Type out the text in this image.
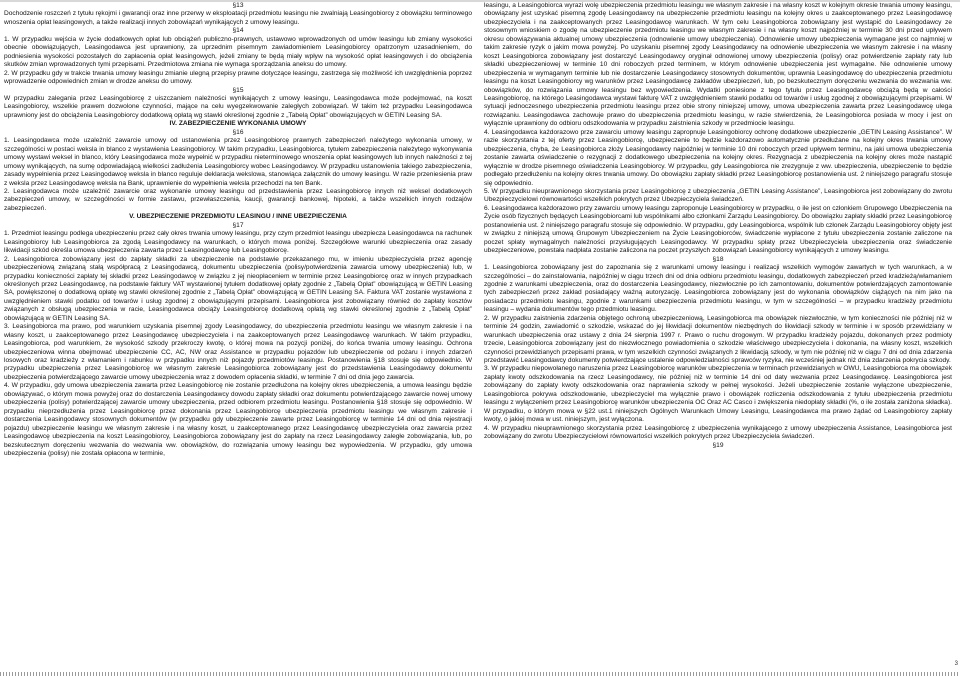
§13

Dochodzenie roszczeń z tytułu rękojmi i gwarancji oraz inne przerwy w eksploatacji przedmiotu leasingu nie zwalniają Leasingobiorcy z obowiązku terminowego wnoszenia opłat leasingowych, a także realizacji innych zobowiązań wynikających z umowy leasingu.

§14

1. W przypadku wejścia w życie dodatkowych opłat lub obciążeń publiczno-prawnych, ustawowo wprowadzonych od umów leasingu lub zmiany wysokości obecnie obowiązujących, Leasingodawca jest uprawniony, za uprzednim pisemnym zawiadomieniem Leasingobiorcy opatrzonym uzasadnieniem, do podniesienia wysokości pozostałych do zapłacenia opłat leasingowych, jeżeli zmiany te będą miały wpływ na wysokość opłat leasingowych i do obciążenia skutków zmian wprowadzonych tymi przepisami. Przedmiotowa zmiana nie wymaga sporządzania aneksu do umowy.

2. W przypadku gdy w trakcie trwania umowy leasingu zmianie ulegną przepisy prawne dotyczące leasingu, zastrzega się możliwość ich uwzględnienia poprzez wprowadzenie odpowiednich zmian w drodze aneksu do umowy.

§15

W przypadku zalegania przez Leasingobiorcę z uiszczaniem należności wynikających z umowy leasingu, Leasingodawca może podejmować, na koszt Leasingobiorcy, wszelkie prawem dozwolone czynności, mające na celu wyegzekwowanie zaległych zobowiązań. W takim też przypadku Leasingodawca uprawniony jest do obciążenia Leasingobiorcy dodatkową opłatą wg stawki określonej zgodnie z „Tabelą Opłat” obowiązujących w GETIN Leasing SA.

IV. ZABEZPIECZENIE WYKONANIA UMOWY

§16

1. Leasingodawca może uzależnić zawarcie umowy od ustanowienia przez Leasingobiorcę prawnych zabezpieczeń należytego wykonania umowy, w szczególności w postaci weksla in blanco z wystawienia Leasingobiorcy. W takim przypadku, Leasingobiorca, tytułem zabezpieczenia należytego wykonywania umowy wystawi weksel in blanco, który Leasingodawca może wypełnić w przypadku nieterminowego wnoszenia opłat leasingowych lub innych należności z tej umowy wynikających, na sumę odpowiadającą wielkości zadłużenia Leasingobiorcy wobec Leasingodawcy. W przypadku ustanowienia takiego zabezpieczenia, zasady wypełnienia przez Leasingodawcę weksla in blanco reguluje deklaracja wekslowa, stanowiąca załącznik do umowy leasingu. W razie przeniesienia praw z weksla przez Leasingodawcę weksla na Bank, uprawnienie do wypełnienia weksla przechodzi na ten Bank.

2. Leasingodawca może uzależnić zawarcie oraz wykonanie umowy leasingu od przedstawienia przez Leasingobiorcę innych niż weksel dodatkowych zabezpieczeń umowy, w szczególności w formie zastawu, przewłaszczenia, kaucji, gwarancji bankowej, hipoteki, a także wszelkich innych rodzajów zabezpieczeń.

V. UBEZPIECZENIE PRZEDMIOTU LEASINGU / INNE UBEZPIECZENIA

§17

1. Przedmiot leasingu podlega ubezpieczeniu przez cały okres trwania umowy leasingu, przy czym przedmiot leasingu ubezpiecza Leasingodawca na rachunek Leasingobiorcy lub Leasingobiorca za zgodą Leasingodawcy na warunkach, o których mowa poniżej. Szczegółowe warunki ubezpieczenia oraz zasady likwidacji szkód określa umowa ubezpieczenia zawarta przez Leasingodawcę lub Leasingobiorcę.

2. Leasingobiorca zobowiązany jest do zapłaty składki za ubezpieczenie na podstawie przekazanego mu, w imieniu ubezpieczyciela przez agencję ubezpieczeniową związaną stałą współpracą z Leasingodawcą, dokumentu ubezpieczenia (polisy/potwierdzenia zawarcia umowy ubezpieczenia) lub, w przypadku konieczności zapłaty tej składki przez Leasingodawcę w związku z jej nieopłaceniem w terminie przez Leasingobiorcę oraz w innych przypadkach określonych przez Leasingodawcę, na podstawie faktury VAT wystawionej tytułem dodatkowej opłaty zgodnie z „Tabelą Opłat” obowiązującą w GETIN Leasing SA, powiększonej o dodatkową opłatę wg stawki określonej zgodnie z „Tabelą Opłat” obowiązującą w GETIN Leasing SA. Faktura VAT zostanie wystawiona z uwzględnieniem stawki podatku od towarów i usług zgodnej z obowiązującymi przepisami. Leasingobiorca jest zobowiązany również do zapłaty kosztów związanych z obsługą ubezpieczenia w racie, Leasingodawca obciąży Leasingobiorcę dodatkową opłatą wg stawki określonej zgodnie z „Tabelą Opłat” obowiązującą w GETIN Leasing SA.

3. Leasingobiorca ma prawo, pod warunkiem uzyskania pisemnej zgody Leasingodawcy, do ubezpieczenia przedmiotu leasingu we własnym zakresie i na własny koszt, u zaakceptowanego przez Leasingodawcę ubezpieczyciela i na zaakceptowanych przez Leasingodawcę warunkach. W takim przypadku, Leasingobiorca, pod warunkiem, że wysokość szkody przekroczy kwotę, o której mowa na pozycji poniżej, do końca trwania umowy leasingu. Ochrona ubezpieczeniowa winna obejmować ubezpieczenie CC, AC, NW oraz Assistance w przypadku pojazdów lub ubezpieczenie od pożaru i innych zdarzeń losowych oraz kradzieży z włamaniem i rabunku w przypadku innych niż pojazdy przedmiotów leasingu. Postanowienia §18 stosuje się odpowiednio. W przypadku ubezpieczenia przez Leasingobiorcę we własnym zakresie Leasingobiorca zobowiązany jest do przedstawienia Leasingodawcy dokumentu ubezpieczenia potwierdzającego zawarcie umowy ubezpieczenia wraz z dowodem opłacenia składki, w terminie 7 dni od dnia jego zawarcia.

4. W przypadku, gdy umowa ubezpieczenia zawarta przez Leasingobiorcę nie zostanie przedłużona na kolejny okres ubezpieczenia, a umowa leasingu będzie obowiązywać, o którym mowa powyżej oraz do dostarczenia Leasingodawcy dowodu zapłaty składki oraz dokumentu potwierdzającego zawarcie nowej umowy ubezpieczenia (polisy) potwierdzającej zawarcie umowy ubezpieczenia, przed odbiorem przedmiotu leasingu. Postanowienia §18 stosuje się odpowiednio. W przypadku nieprzedłużenia przez Leasingobiorcę przez dokonania przez Leasingobiorcę ubezpieczenia przedmiotu leasingu we własnym zakresie i dostarczenia Leasingodawcy stosownych dokumentów (w przypadku gdy ubezpieczenie zawarte przez Leasingobiorcę w terminie 14 dni od dnia rejestracji pojazdu) ubezpieczenie leasingu we własnym zakresie i na własny koszt, u zaakceptowanego przez Leasingodawcę ubezpieczyciela oraz zawarcia przez Leasingodawcę ubezpieczenia na koszt Leasingobiorcy, Leasingobiorca zobowiązany jest do zapłaty na rzecz Leasingodawcy zaległe zobowiązania, lub, po bezskutecznym doręczeniu wezwania do wezwania ww. obowiązków, do rozwiązania umowy leasingu bez wypowiedzenia. W przypadku, gdy umowa ubezpieczenia (polisy) nie została opłacona w terminie,

leasingu, a Leasingobiorca wyrazi wolę ubezpieczenia przedmiotu leasingu we własnym zakresie i na własny koszt w kolejnym okresie trwania umowy leasingu, obowiązany jest uzyskać pisemną zgodę Leasingodawcy na ubezpieczenie przedmiotu leasingu na kolejny okres u zaakceptowanego przez Leasingodawcę ubezpieczyciela i na zaakceptowanych przez Leasingodawcę warunkach. W tym celu Leasingobiorca zobowiązany jest wystąpić do Leasingodawcy ze stosownym wnioskiem o zgodę na ubezpieczenie przedmiotu leasingu we własnym zakresie i na własny koszt najpóźniej w terminie 30 dni przed upływem okresu obowiązywania aktualnej umowy ubezpieczenia (odnowienie umowy ubezpieczenia). Odnowienie umowy ubezpieczenia wymagane jest co najmniej w takim zakresie ryzyk o jakim mowa powyżej. Po uzyskaniu pisemnej zgody Leasingodawcy na odnowienie ubezpieczenia we własnym zakresie i na własny koszt Leasingobiorca zobowiązany jest dostarczyć Leasingodawcy oryginał odnowionej umowy ubezpieczenia (polisy) oraz potwierdzenie zapłaty raty lub składki ubezpieczeniowej w terminie 10 dni roboczych przed terminem, w którym odnowienie ubezpieczenia jest wymagalne. Nie odnowienie umowy ubezpieczenia w wymaganym terminie lub nie dostarczenie Leasingodawcy stosownych dokumentów, uprawnia Leasingodawcę do ubezpieczenia przedmiotu leasingu na koszt Leasingobiorcy wg warunków przez Leasingodawcę zakładów ubezpieczeń, lub, po bezskutecznym doręczeniu wezwania do wezwania ww. obowiązków, do rozwiązania umowy leasingu bez wypowiedzenia. Wydatki poniesione z tego tytułu przez Leasingodawcę obciążą będą w całości Leasingobiorcę, na którego Leasingodawca wystawi fakturę VAT z uwzględnieniem stawki podatku od towarów i usług zgodnej z obowiązującymi przepisami. W sytuacji jednoczesnego ubezpieczenia przedmiotu leasingu przez obie strony niniejszej umowy, umowa ubezpieczenia zawarta przez Leasingodawcę ulega rozwiązaniu. Leasingodawca zachowuje prawo do ubezpieczenia przedmiotu leasingu, w razie stwierdzenia, że Leasingobiorca posiada w mocy i jest on wyłącznie uprawniony do odbioru odszkodowania w przypadku zaistnienia szkody w przedmiocie leasingu.

4. Leasingodawca każdorazowo prze zawarciu umowy leasingu zapropnuje Leasingobiorcy ochronę dodatkowe ubezpieczenie „GETIN Leasing Assistance”. W razie skorzystania z tej oferty przez Leasingobiorcę, ubezpieczenie to będzie każdorazowo automatycznie przedłużane na kolejny okres trwania umowy ubezpieczenia, chyba, że Leasingobiorca złoży Leasingodawcy najpóźniej w terminie 10 dni roboczych przed upływem terminu, na jaki umowa ubezpieczenia zostanie zawarta oświadczenie o rezygnacji z dodatkowego ubezpieczenia na kolejny okres. Rezygnacja z ubezpieczenia na kolejny okres może nastąpić wyłącznie w drodze pisemnego oświadczenia Leasingobiorcy. W przypadku, gdy Leasingobiorca nie zrezygnuje z ww. ubezpieczenia, ubezpieczenie to będzie podlegało przedłużeniu na kolejny okres trwania umowy. Do obowiązku zapłaty składki przez Leasingobiorcę postanowienia ust. 2 niniejszego paragrafu stosuje się odpowiednio.

5. W przypadku nieuprawnionego skorzystania przez Leasingobiorcę z ubezpieczenia „GETIN Leasing Assistance”, Leasingobiorca jest zobowiązany do zwrotu Ubezpieczycielowi równowartości wszelkich pokrytych przez Ubezpieczyciela świadczeń.

6. Leasingodawca każdorazowo przy zawarciu umowy leasingu zaproponuje Leasingobiorcy w przypadku, o ile jest on członkiem Grupowego Ubezpieczenia na Życie osób fizycznych będących Leasingobiorcami lub wspólnikami albo członkami Zarządu Leasingobiorcy. Do obowiązku zapłaty składki przez Leasingobiorcę postanowienia ust. 2 niniejszego paragrafu stosuje się odpowiednio. W przypadku, gdy Leasingobiorca, wspólnik lub członek Zarządu Leasingobiorcy objęty jest w związku z niniejszą umową Grupowym Ubezpieczeniem na Życie Leasingobiorców, świadczenie wypłacone z tytułu ubezpieczenia zostanie zaliczone na poczet spłaty wymagalnych należności przysługujących Leasingodawcy. W przypadku spłaty przez Ubezpieczyciela ubezpieczenia oraz świadczenie ubezpieczeniowe, powstała nadpłata zostanie zaliczona na poczet przyszłych zobowiązań Leasingobiorcy wynikających z umowy leasingu.

§18

1. Leasingobiorca zobowiązany jest do zapoznania się z warunkami umowy leasingu i realizacji wszelkich wymogów zawartych w tych warunkach, a w szczególności – do zainstalowania, najpóźniej w ciągu trzech dni od dnia odbioru przedmiotu leasingu, dodatkowych zabezpieczeń przed kradzieżą/włamaniem zgodnie z warunkami ubezpieczenia, oraz do dostarczenia Leasingodawcy, niezwłocznie po ich zamontowaniu, dokumentów potwierdzających zamontowanie tych zabezpieczeń przez zakład posiadający ważną autoryzację. Leasingobiorca zobowiązany jest do wykonania obowiązków ciążących na nim jako na posiadaczu przedmiotu leasingu, zgodnie z warunkami ubezpieczenia przedmiotu leasingu, w tym w szczególności – w przypadku kradzieży przedmiotu leasingu – wydania dokumentów tego przedmiotu leasingu.

2. W przypadku zaistnienia zdarzenia objętego ochroną ubezpieczeniową, Leasingobiorca ma obowiązek niezwłocznie, w tym konieczności nie później niż w terminie 24 godzin, zawiadomić o szkodzie, wskazać do jej likwidacji dokumentów niezbędnych do likwidacji szkody w terminie i w sposób przewidziany w warunkach ubezpieczenia oraz ustawy z dnia 24 sierpnia 1997 r. Prawo o ruchu drogowym. W przypadku kradzieży pojazdu, dokonanych przez podmioty trzecie, Leasingobiorca zobowiązany jest do niezwłocznego powiadomienia o szkodzie właściwego ubezpieczyciela i dokonania, na własny koszt, wszelkich czynności przewidzianych przepisami prawa, w tym wszelkich czynności związanych z likwidacją szkody, w tym nie później niż w ciągu 7 dni od dnia zdarzenia przedstawić Leasingodawcy dokumenty potwierdzające ustalenie odpowiedzialności sprawców ryzyka, nie wcześniej jednak niż dnia zdarzenia pokrycia szkody.

3. W przypadku niepowołanego naruszenia przez Leasingobiorcę warunków ubezpieczenia w terminach przewidzianych w OWU, Leasingobiorca ma obowiązek zapłaty kwoty odszkodowania na rzecz Leasingodawcy, nie później niż w terminie 14 dni od daty wezwania przez Leasingodawcę. Leasingobiorca jest zobowiązany do zapłaty kwoty odszkodowania oraz naprawienia szkody w pełnej wysokości. Jeżeli ubezpieczenie zostanie wyłączone ubezpieczenie, Leasingobiorca pokrywa odszkodowanie, ubezpieczyciel ma wyłącznie prawo i obowiązek rozliczenia odszkodowania z tytułu ubezpieczenia przedmiotu leasingu z wyłączeniem przez Leasingobiorcę warunków ubezpieczenia OC Oraz AC Casco i zwiększenia niedopłaty składki (%, o ile została zaniżona składka). W przypadku, o którym mowa w §22 ust.1 niniejszych Ogólnych Warunkach Umowy Leasingu, Leasingodawca ma prawo żądać od Leasingobiorcy zapłaty kwoty, o jakiej mowa w ust. niniejszym, jest wyłączona.

4. W przypadku nieuprawnionego skorzystania przez Leasingobiorcę z ubezpieczenia wynikającego z umowy ubezpieczenia Assistance, Leasingobiorca jest zobowiązany do zwrotu Ubezpieczycielowi równowartości wszelkich pokrytych przez Ubezpieczyciela świadczeń.

§19

3
